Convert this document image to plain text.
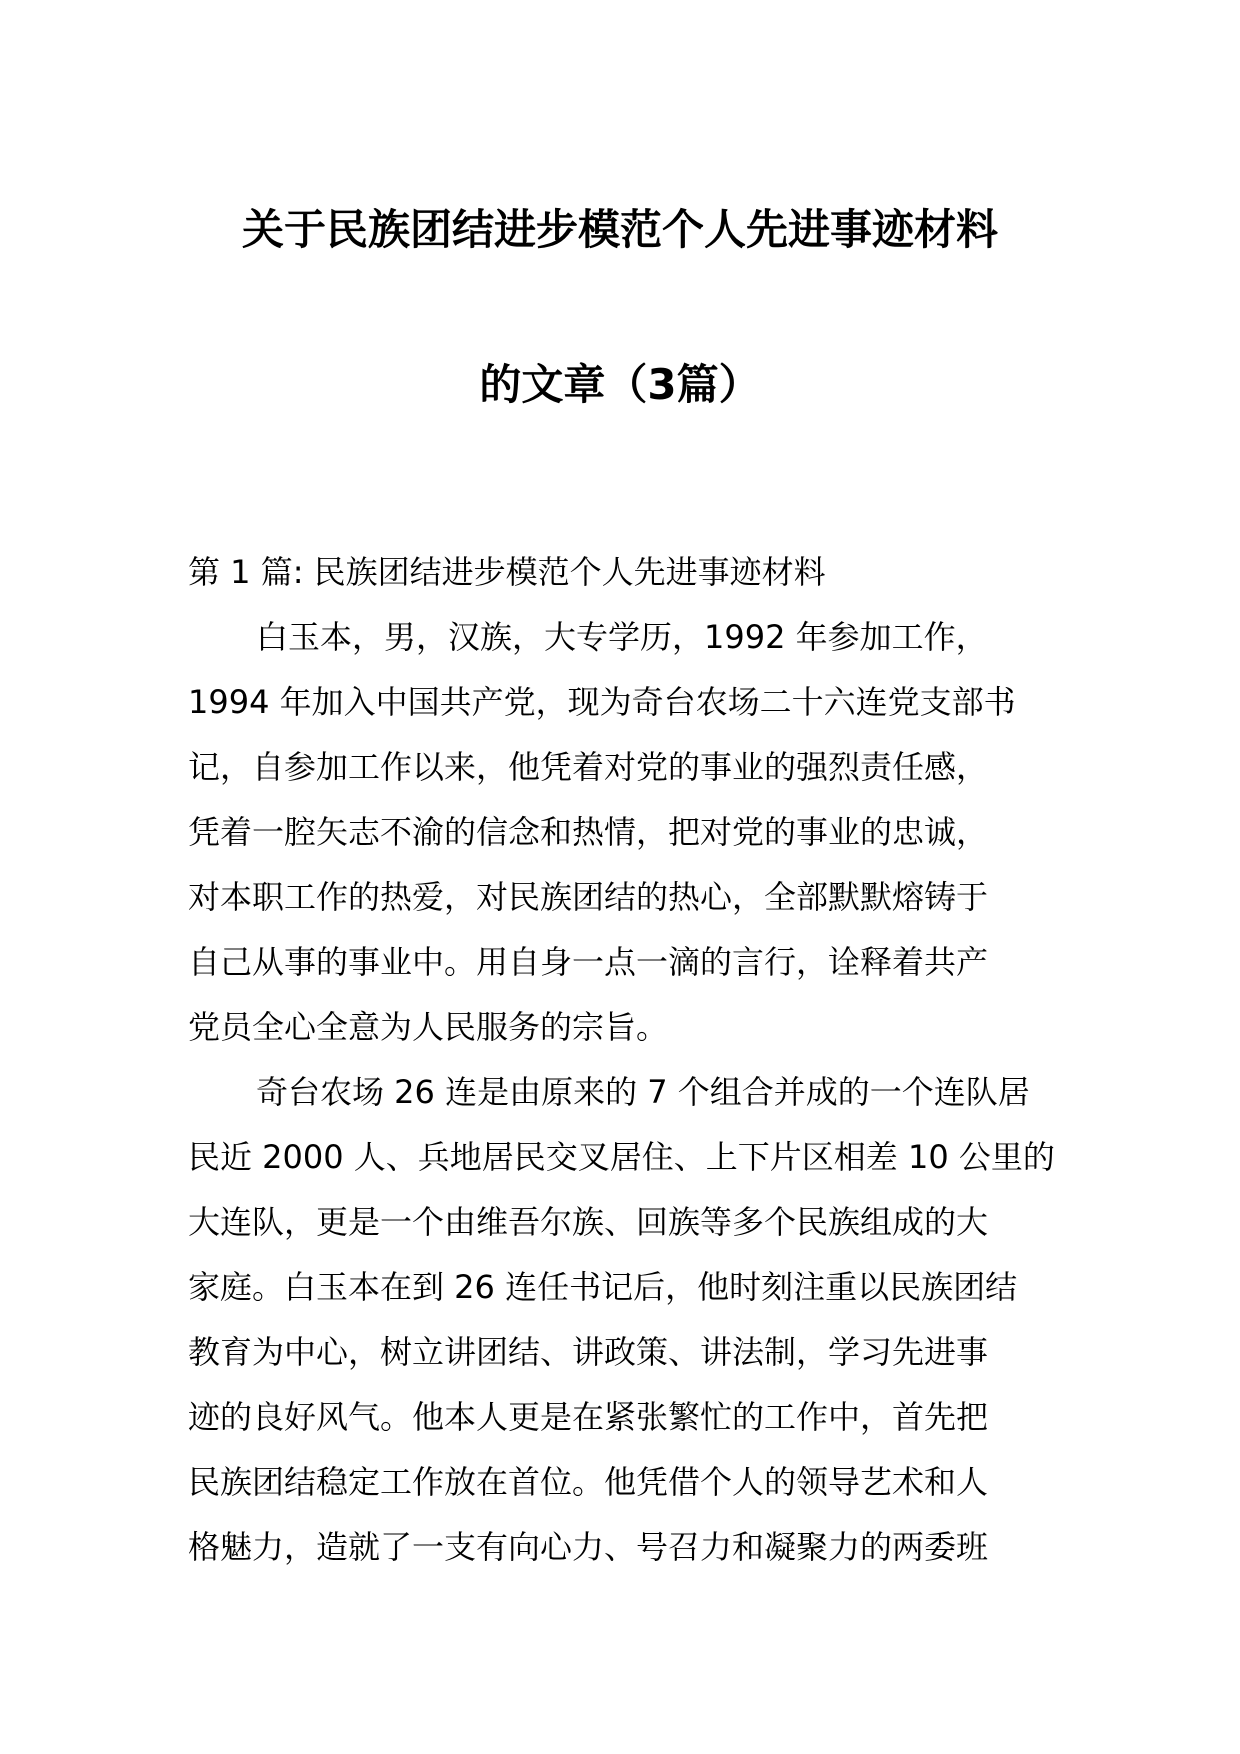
关于民族团结进步模范个人先进事迹材料
的文章（3篇）
第 1 篇: 民族团结进步模范个人先进事迹材料
白玉本，男，汉族，大专学历，1992 年参加工作，
1994 年加入中国共产党，现为奇台农场二十六连党支部书
记，自参加工作以来，他凭着对党的事业的强烈责任感，
凭着一腔矢志不渝的信念和热情，把对党的事业的忠诚，
对本职工作的热爱，对民族团结的热心，全部默默熔铸于
自己从事的事业中。用自身一点一滴的言行，诠释着共产
党员全心全意为人民服务的宗旨。
奇台农场 26 连是由原来的 7 个组合并成的一个连队居
民近 2000 人、兵地居民交叉居住、上下片区相差 10 公里的
大连队，更是一个由维吾尔族、回族等多个民族组成的大
家庭。白玉本在到 26 连任书记后，他时刻注重以民族团结
教育为中心，树立讲团结、讲政策、讲法制，学习先进事
迹的良好风气。他本人更是在紧张繁忙的工作中，首先把
民族团结稳定工作放在首位。他凭借个人的领导艺术和人
格魅力，造就了一支有向心力、号召力和凝聚力的两委班
